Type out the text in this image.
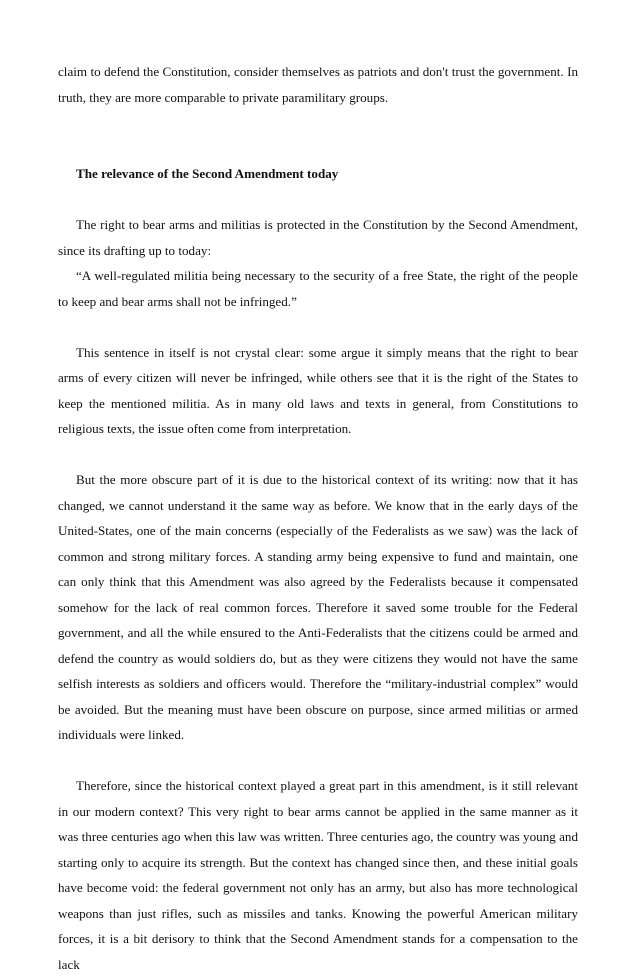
claim to defend the Constitution, consider themselves as patriots and don't trust the government. In truth, they are more comparable to private paramilitary groups.

The relevance of the Second Amendment today

The right to bear arms and militias is protected in the Constitution by the Second Amendment, since its drafting up to today:

“A well-regulated militia being necessary to the security of a free State, the right of the people to keep and bear arms shall not be infringed.”

This sentence in itself is not crystal clear: some argue it simply means that the right to bear arms of every citizen will never be infringed, while others see that it is the right of the States to keep the mentioned militia. As in many old laws and texts in general, from Constitutions to religious texts, the issue often come from interpretation.

But the more obscure part of it is due to the historical context of its writing: now that it has changed, we cannot understand it the same way as before. We know that in the early days of the United-States, one of the main concerns (especially of the Federalists as we saw) was the lack of common and strong military forces. A standing army being expensive to fund and maintain, one can only think that this Amendment was also agreed by the Federalists because it compensated somehow for the lack of real common forces. Therefore it saved some trouble for the Federal government, and all the while ensured to the Anti-Federalists that the citizens could be armed and defend the country as would soldiers do, but as they were citizens they would not have the same selfish interests as soldiers and officers would. Therefore the “military-industrial complex” would be avoided. But the meaning must have been obscure on purpose, since armed militias or armed individuals were linked.

Therefore, since the historical context played a great part in this amendment, is it still relevant in our modern context? This very right to bear arms cannot be applied in the same manner as it was three centuries ago when this law was written. Three centuries ago, the country was young and starting only to acquire its strength. But the context has changed since then, and these initial goals have become void: the federal government not only has an army, but also has more technological weapons than just rifles, such as missiles and tanks. Knowing the powerful American military forces, it is a bit derisory to think that the Second Amendment stands for a compensation to the lack
